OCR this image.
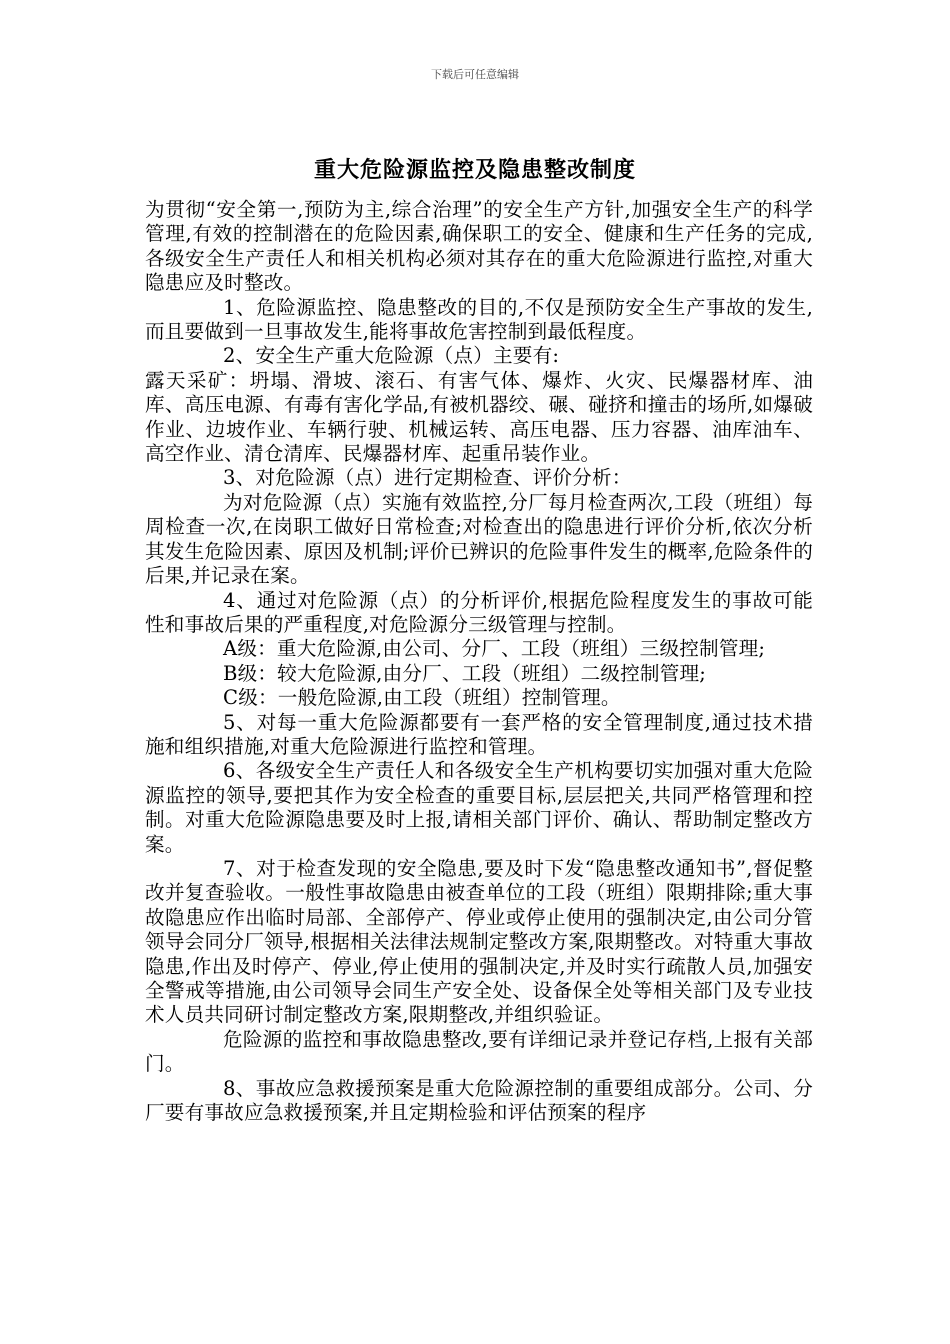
下载后可任意编辑
重大危险源监控及隐患整改制度

为贯彻“安全第一,预防为主,综合治理”的安全生产方针,加强安全生产的科学管理,有效的控制潜在的危险因素,确保职工的安全、健康和生产任务的完成,各级安全生产责任人和相关机构必须对其存在的重大危险源进行监控,对重大隐患应及时整改。

1、危险源监控、隐患整改的目的,不仅是预防安全生产事故的发生,而且要做到一旦事故发生,能将事故危害控制到最低程度。

2、安全生产重大危险源（点）主要有:

露天采矿：坍塌、滑坡、滚石、有害气体、爆炸、火灾、民爆器材库、油库、高压电源、有毒有害化学品,有被机器绞、碾、碰挤和撞击的场所,如爆破作业、边坡作业、车辆行驶、机械运转、高压电器、压力容器、油库油车、高空作业、清仓清库、民爆器材库、起重吊装作业。

3、对危险源（点）进行定期检查、评价分析：

为对危险源（点）实施有效监控,分厂每月检查两次,工段（班组）每周检查一次,在岗职工做好日常检查;对检查出的隐患进行评价分析,依次分析其发生危险因素、原因及机制;评价已辨识的危险事件发生的概率,危险条件的后果,并记录在案。

4、通过对危险源（点）的分析评价,根据危险程度发生的事故可能性和事故后果的严重程度,对危险源分三级管理与控制。

A级：重大危险源,由公司、分厂、工段（班组）三级控制管理;

B级：较大危险源,由分厂、工段（班组）二级控制管理;

C级：一般危险源,由工段（班组）控制管理。

5、对每一重大危险源都要有一套严格的安全管理制度,通过技术措施和组织措施,对重大危险源进行监控和管理。

6、各级安全生产责任人和各级安全生产机构要切实加强对重大危险源监控的领导,要把其作为安全检查的重要目标,层层把关,共同严格管理和控制。对重大危险源隐患要及时上报,请相关部门评价、确认、帮助制定整改方案。

7、对于检查发现的安全隐患,要及时下发“隐患整改通知书”,督促整改并复查验收。一般性事故隐患由被查单位的工段（班组）限期排除;重大事故隐患应作出临时局部、全部停产、停业或停止使用的强制决定,由公司分管领导会同分厂领导,根据相关法律法规制定整改方案,限期整改。对特重大事故隐患,作出及时停产、停业,停止使用的强制决定,并及时实行疏散人员,加强安全警戒等措施,由公司领导会同生产安全处、设备保全处等相关部门及专业技术人员共同研讨制定整改方案,限期整改,并组织验证。

危险源的监控和事故隐患整改,要有详细记录并登记存档,上报有关部门。

8、事故应急救援预案是重大危险源控制的重要组成部分。公司、分厂要有事故应急救援预案,并且定期检验和评估预案的程序
